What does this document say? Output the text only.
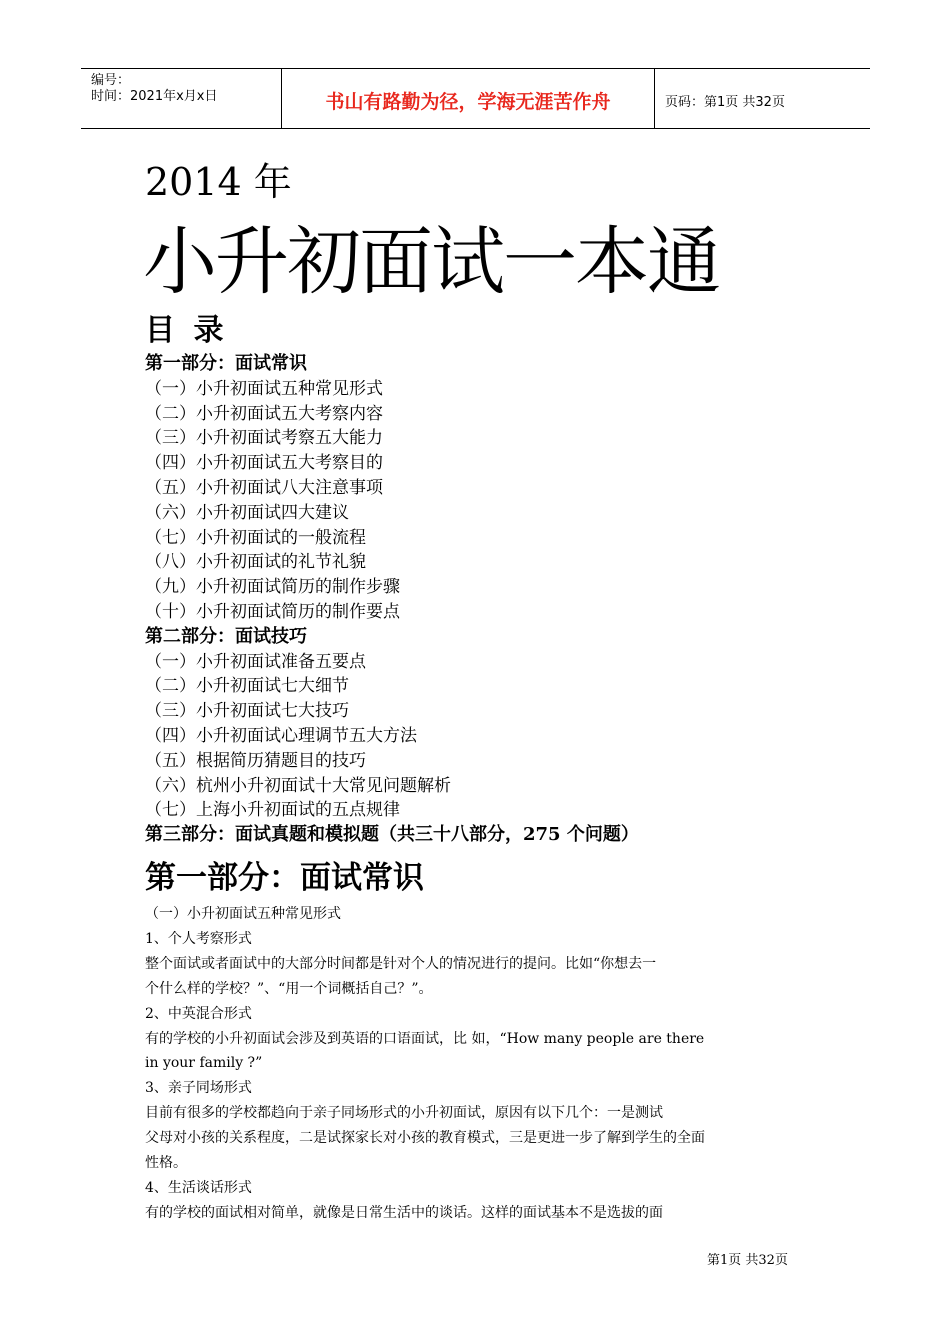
编号：
时间：2021年x月x日	书山有路勤为径，学海无涯苦作舟	页码：第1页 共32页
2014 年
小升初面试一本通
目 录
第一部分：面试常识
（一）小升初面试五种常见形式
（二）小升初面试五大考察内容
（三）小升初面试考察五大能力
（四）小升初面试五大考察目的
（五）小升初面试八大注意事项
（六）小升初面试四大建议
（七）小升初面试的一般流程
（八）小升初面试的礼节礼貌
（九）小升初面试简历的制作步骤
（十）小升初面试简历的制作要点
第二部分：面试技巧
（一）小升初面试准备五要点
（二）小升初面试七大细节
（三）小升初面试七大技巧
（四）小升初面试心理调节五大方法
（五）根据简历猜题目的技巧
（六）杭州小升初面试十大常见问题解析
（七）上海小升初面试的五点规律
第三部分：面试真题和模拟题（共三十八部分，275 个问题）
第一部分：面试常识
（一）小升初面试五种常见形式
1、个人考察形式
整个面试或者面试中的大部分时间都是针对个人的情况进行的提问。比如“你想去一
个什么样的学校？”、“用一个词概括自己？”。
2、中英混合形式
有的学校的小升初面试会涉及到英语的口语面试，比 如，“How many people are there
in your family ?”
3、亲子同场形式
目前有很多的学校都趋向于亲子同场形式的小升初面试，原因有以下几个：一是测试
父母对小孩的关系程度，二是试探家长对小孩的教育模式，三是更进一步了解到学生的全面
性格。
4、生活谈话形式
有的学校的面试相对简单，就像是日常生活中的谈话。这样的面试基本不是选拔的面
第1页 共32页
